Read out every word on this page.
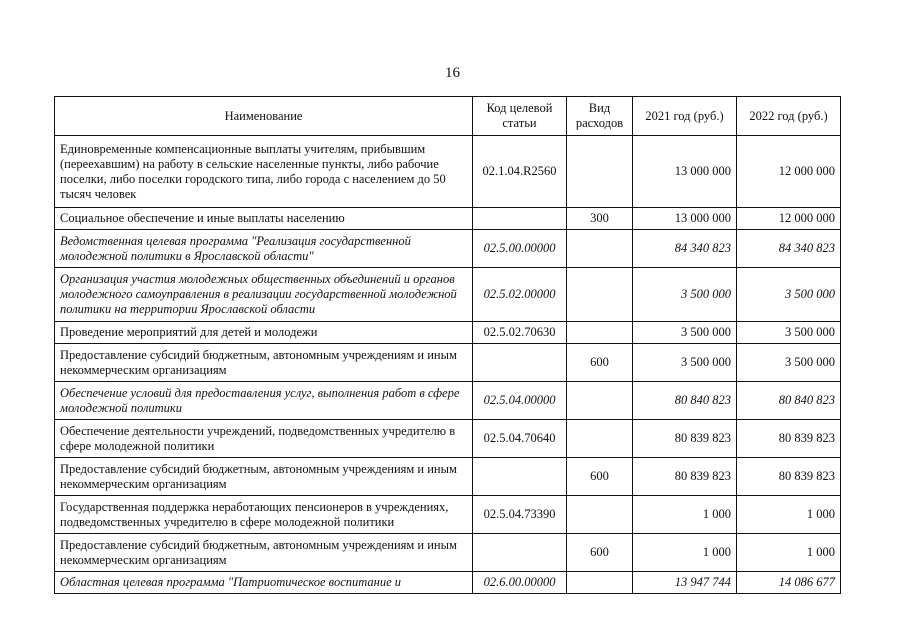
16
Наименование	Код целевой статьи	Вид расходов	2021 год (руб.)	2022 год (руб.)
Единовременные компенсационные выплаты учителям, прибывшим (переехавшим) на работу в сельские населенные пункты, либо рабочие поселки, либо поселки городского типа, либо города с населением до 50 тысяч человек	02.1.04.R2560		13 000 000	12 000 000
Социальное обеспечение и иные выплаты населению		300	13 000 000	12 000 000
Ведомственная целевая программа "Реализация государственной молодежной политики в Ярославской области"	02.5.00.00000		84 340 823	84 340 823
Организация участия молодежных общественных объединений и органов молодежного самоуправления в реализации государственной молодежной политики на территории Ярославской области	02.5.02.00000		3 500 000	3 500 000
Проведение мероприятий для детей и молодежи	02.5.02.70630		3 500 000	3 500 000
Предоставление субсидий бюджетным, автономным учреждениям и иным некоммерческим организациям		600	3 500 000	3 500 000
Обеспечение условий для предоставления услуг, выполнения работ в сфере молодежной политики	02.5.04.00000		80 840 823	80 840 823
Обеспечение деятельности учреждений, подведомственных учредителю в сфере молодежной политики	02.5.04.70640		80 839 823	80 839 823
Предоставление субсидий бюджетным, автономным учреждениям и иным некоммерческим организациям		600	80 839 823	80 839 823
Государственная поддержка неработающих пенсионеров в учреждениях, подведомственных учредителю в сфере молодежной политики	02.5.04.73390		1 000	1 000
Предоставление субсидий бюджетным, автономным учреждениям и иным некоммерческим организациям		600	1 000	1 000
Областная целевая программа "Патриотическое воспитание и	02.6.00.00000		13 947 744	14 086 677
